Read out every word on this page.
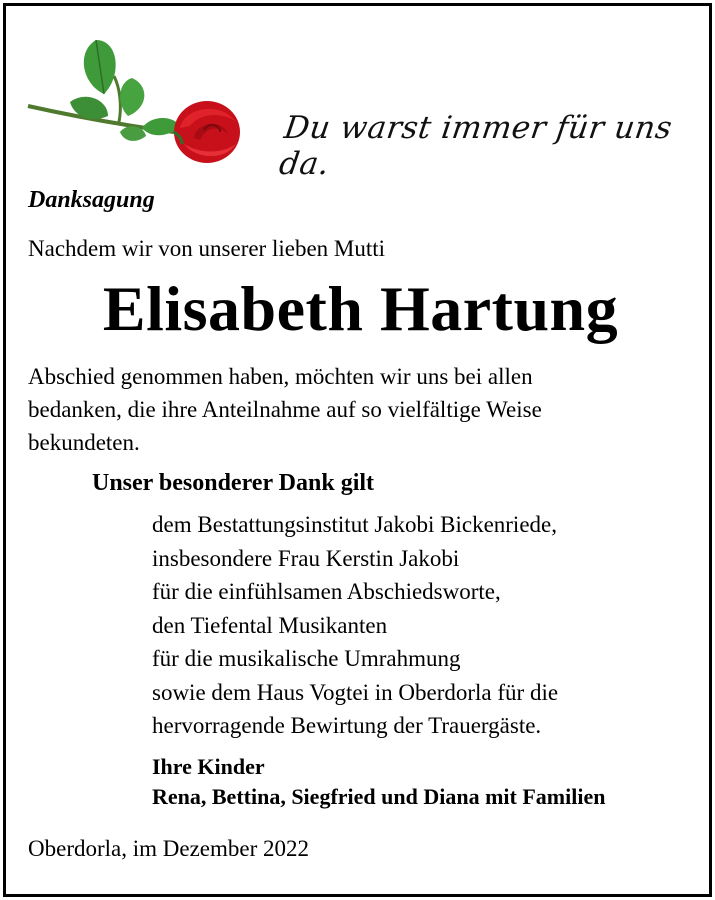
Du warst immer für uns da.
Danksagung
Nachdem wir von unserer lieben Mutti
Elisabeth Hartung
Abschied genommen haben, möchten wir uns bei allen
bedanken, die ihre Anteilnahme auf so vielfältige Weise
bekundeten.
Unser besonderer Dank gilt
dem Bestattungsinstitut Jakobi Bickenriede,
insbesondere Frau Kerstin Jakobi
für die einfühlsamen Abschiedsworte,
den Tiefental Musikanten
für die musikalische Umrahmung
sowie dem Haus Vogtei in Oberdorla für die
hervorragende Bewirtung der Trauergäste.
Ihre Kinder
Rena, Bettina, Siegfried und Diana mit Familien
Oberdorla, im Dezember 2022
